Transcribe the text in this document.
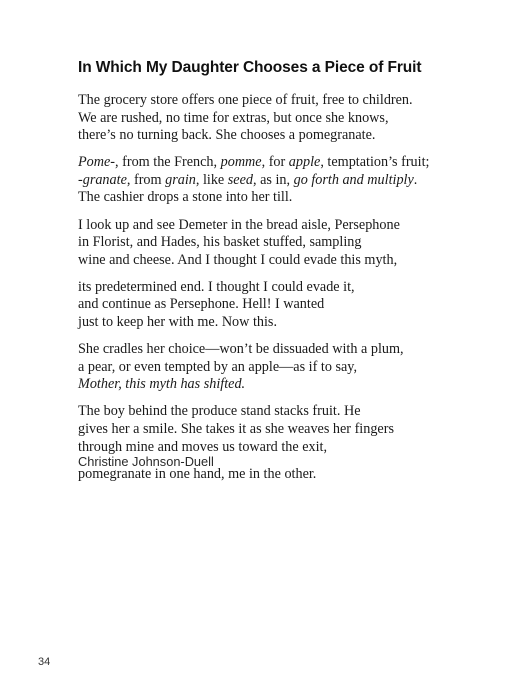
In Which My Daughter Chooses a Piece of Fruit

The grocery store offers one piece of fruit, free to children.
We are rushed, no time for extras, but once she knows,
there’s no turning back. She chooses a pomegranate.

Pome-, from the French, pomme, for apple, temptation’s fruit;
-granate, from grain, like seed, as in, go forth and multiply.
The cashier drops a stone into her till.

I look up and see Demeter in the bread aisle, Persephone
in Florist, and Hades, his basket stuffed, sampling
wine and cheese. And I thought I could evade this myth,

its predetermined end. I thought I could evade it,
and continue as Persephone. Hell! I wanted
just to keep her with me. Now this.

She cradles her choice—won’t be dissuaded with a plum,
a pear, or even tempted by an apple—as if to say,
Mother, this myth has shifted.

The boy behind the produce stand stacks fruit. He
gives her a smile. She takes it as she weaves her fingers
through mine and moves us toward the exit,

pomegranate in one hand, me in the other.

Christine Johnson-Duell

34
